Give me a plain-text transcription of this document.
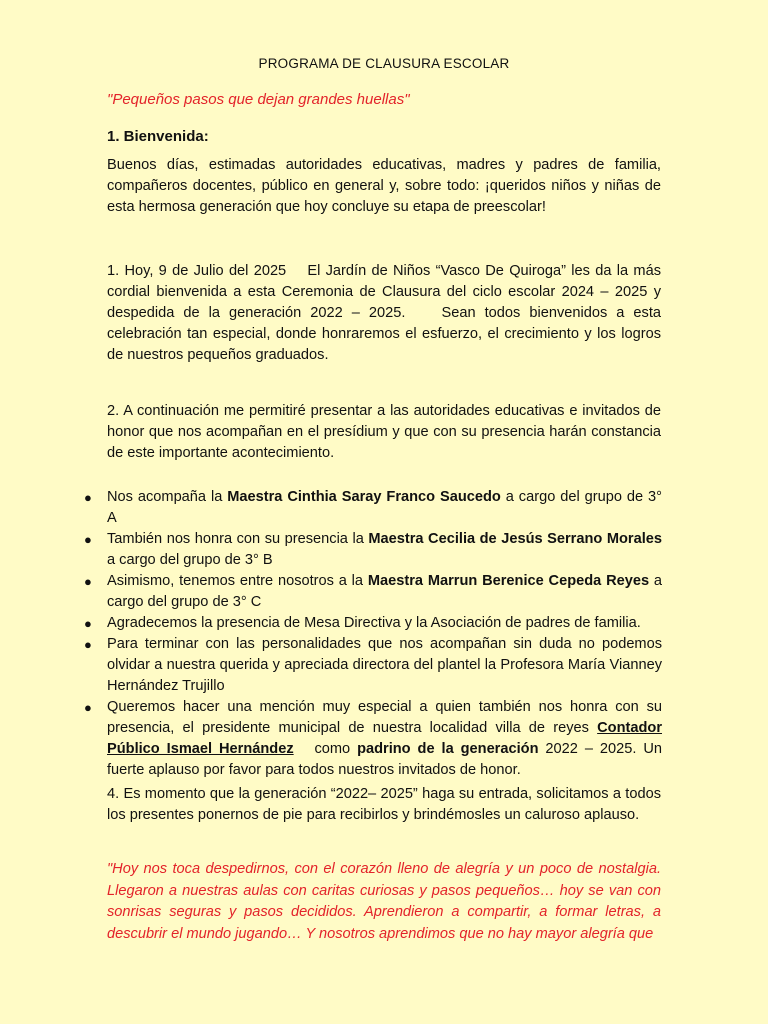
PROGRAMA DE CLAUSURA ESCOLAR
"Pequeños pasos que dejan grandes huellas"
1. Bienvenida:
Buenos días, estimadas autoridades educativas, madres y padres de familia, compañeros docentes, público en general y, sobre todo: ¡queridos niños y niñas de esta hermosa generación que hoy concluye su etapa de preescolar!
1. Hoy, 9 de Julio del 2025    El Jardín de Niños “Vasco De Quiroga” les da la más cordial bienvenida a esta Ceremonia de Clausura del ciclo escolar 2024 – 2025 y despedida de la generación 2022 – 2025.    Sean todos bienvenidos a esta celebración tan especial, donde honraremos el esfuerzo, el crecimiento y los logros de nuestros pequeños graduados.
2. A continuación me permitiré presentar a las autoridades educativas e invitados de honor que nos acompañan en el presídium y que con su presencia harán constancia de este importante acontecimiento.
● Nos acompaña la Maestra Cinthia Saray Franco Saucedo a cargo del grupo de 3° A
● También nos honra con su presencia la Maestra Cecilia de Jesús Serrano Morales a cargo del grupo de 3° B
● Asimismo, tenemos entre nosotros a la Maestra Marrun Berenice Cepeda Reyes a cargo del grupo de 3° C
● Agradecemos la presencia de Mesa Directiva y la Asociación de padres de familia.
● Para terminar con las personalidades que nos acompañan sin duda no podemos olvidar a nuestra querida y apreciada directora del plantel la Profesora María Vianney Hernández Trujillo
● Queremos hacer una mención muy especial a quien también nos honra con su presencia, el presidente municipal de nuestra localidad villa de reyes Contador Público Ismael Hernández   como padrino de la generación 2022 – 2025. Un fuerte aplauso por favor para todos nuestros invitados de honor.
4. Es momento que la generación “2022– 2025” haga su entrada, solicitamos a todos los presentes ponernos de pie para recibirlos y brindémosles un caluroso aplauso.
"Hoy nos toca despedirnos, con el corazón lleno de alegría y un poco de nostalgia. Llegaron a nuestras aulas con caritas curiosas y pasos pequeños… hoy se van con sonrisas seguras y pasos decididos. Aprendieron a compartir, a formar letras, a descubrir el mundo jugando… Y nosotros aprendimos que no hay mayor alegría que
